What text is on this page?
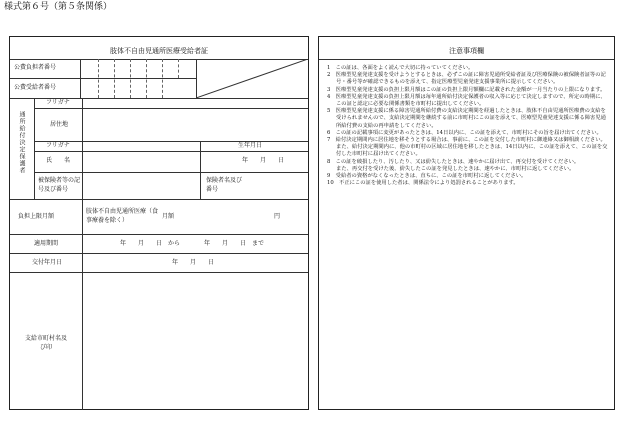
様式第６号（第５条関係）
肢体不自由児通所医療受給者証
公費負担者番号
公費受給者番号
通所給付決定保護者
フリガナ
居住地
フリガナ	生年月日
氏　　名	年　　月　　日
被保険者等の記号及び番号
保険者名及び番号
負担上限月額
肢体不自由児通所医療（食事療養を除く）
月額	円
適用期間	年　　月　　日　から　　　　年　　月　　日　まで
交付年月日	年　　月　　日
支給市町村名及び印
注意事項欄

1　この証は、各面をよく読んで大切に持っていてください。

2　医療型児童発達支援を受けようとするときは、必ずこの証に障害児通所受給者証及び医療保険の被保険者証等の記号・番号等が確認できるものを添えて、指定医療型児童発達支援事業所に提示してください。

3　医療型児童発達支援の負担上限月額はこの証の負担上限月額欄に記載された金額が一月当たりの上限になります。

4　医療型児童発達支援の負担上限月額は毎年通所給付決定保護者の収入等に応じて決定しますので、所定の時期に、この証と認定に必要な関係書類を市町村に提出してください。

5　医療型児童発達支援に係る障害児通所給付費の支給決定期間を経過したときは、肢体不自由児通所医療費の支給を受けられませんので、支給決定期間を継続する前に市町村にこの証を添えて、医療型児童発達支援に係る障害児通所給付費の支給の再申請をしてください。

6　この証の記載事項に変更があったときは、14日以内に、この証を添えて、市町村にその旨を届け出てください。

7　給付決定期間内に居住地を移そうとする場合は、事前に、この証を交付した市町村に御連絡又は御相談ください。

また、給付決定期間内に、他の市町村の区域に居住地を移したときは、14日以内に、この証を添えて、この証を交付した市町村に届け出てください。

8　この証を破損したり、汚したり、又は紛失したときは、速やかに届け出て、再交付を受けてください。

また、再交付を受けた後、紛失したこの証を発見したときは、速やかに、市町村に返してください。

9　受給者の資格がなくなったときは、直ちに、この証を市町村に返してください。

10　不正にこの証を使用した者は、関係法令により処罰されることがあります。
